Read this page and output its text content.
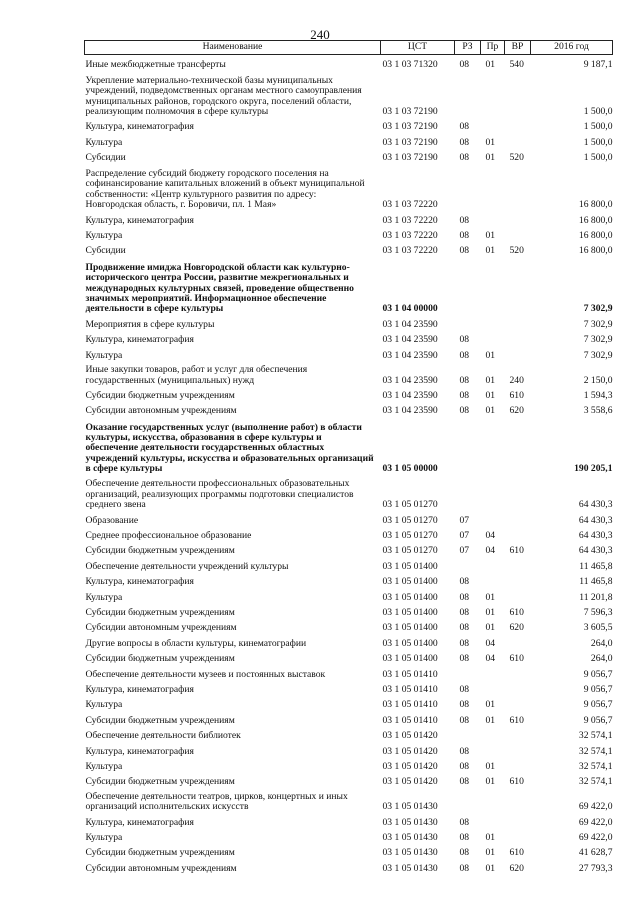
240
Наименование	ЦСТ	РЗ	Пр	ВР	2016 год
Иные межбюджетные трансферты	03 1 03 71320	08	01	540	9 187,1
Укрепление материально-технической базы муниципальных учреждений, подведомственных органам местного самоуправления муниципальных районов, городского округа, поселений области, реализующим полномочия в сфере культуры	03 1 03 72190				1 500,0
Культура, кинематография	03 1 03 72190	08			1 500,0
Культура	03 1 03 72190	08	01		1 500,0
Субсидии	03 1 03 72190	08	01	520	1 500,0
Распределение субсидий бюджету городского поселения на софинансирование капитальных вложений в объект муниципальной собственности: «Центр культурного развития по адресу: Новгородская область, г. Боровичи, пл. 1 Мая»	03 1 03 72220				16 800,0
Культура, кинематография	03 1 03 72220	08			16 800,0
Культура	03 1 03 72220	08	01		16 800,0
Субсидии	03 1 03 72220	08	01	520	16 800,0
Продвижение имиджа Новгородской области как культурно-исторического центра России, развитие межрегиональных и международных культурных связей, проведение общественно значимых мероприятий. Информационное обеспечение деятельности в сфере культуры	03 1 04 00000				7 302,9
Мероприятия в сфере культуры	03 1 04 23590				7 302,9
Культура, кинематография	03 1 04 23590	08			7 302,9
Культура	03 1 04 23590	08	01		7 302,9
Иные закупки товаров, работ и услуг для обеспечения государственных (муниципальных) нужд	03 1 04 23590	08	01	240	2 150,0
Субсидии бюджетным учреждениям	03 1 04 23590	08	01	610	1 594,3
Субсидии автономным учреждениям	03 1 04 23590	08	01	620	3 558,6
Оказание государственных услуг (выполнение работ) в области культуры, искусства, образования в сфере культуры и обеспечение деятельности государственных областных учреждений культуры, искусства и образовательных организаций в сфере культуры	03 1 05 00000				190 205,1
Обеспечение деятельности профессиональных образовательных организаций, реализующих программы подготовки специалистов среднего звена	03 1 05 01270				64 430,3
Образование	03 1 05 01270	07			64 430,3
Среднее профессиональное образование	03 1 05 01270	07	04		64 430,3
Субсидии бюджетным учреждениям	03 1 05 01270	07	04	610	64 430,3
Обеспечение деятельности учреждений культуры	03 1 05 01400				11 465,8
Культура, кинематография	03 1 05 01400	08			11 465,8
Культура	03 1 05 01400	08	01		11 201,8
Субсидии бюджетным учреждениям	03 1 05 01400	08	01	610	7 596,3
Субсидии автономным учреждениям	03 1 05 01400	08	01	620	3 605,5
Другие вопросы в области культуры, кинематографии	03 1 05 01400	08	04		264,0
Субсидии бюджетным учреждениям	03 1 05 01400	08	04	610	264,0
Обеспечение деятельности музеев и постоянных выставок	03 1 05 01410				9 056,7
Культура, кинематография	03 1 05 01410	08			9 056,7
Культура	03 1 05 01410	08	01		9 056,7
Субсидии бюджетным учреждениям	03 1 05 01410	08	01	610	9 056,7
Обеспечение деятельности библиотек	03 1 05 01420				32 574,1
Культура, кинематография	03 1 05 01420	08			32 574,1
Культура	03 1 05 01420	08	01		32 574,1
Субсидии бюджетным учреждениям	03 1 05 01420	08	01	610	32 574,1
Обеспечение деятельности театров, цирков, концертных и иных организаций исполнительских искусств	03 1 05 01430				69 422,0
Культура, кинематография	03 1 05 01430	08			69 422,0
Культура	03 1 05 01430	08	01		69 422,0
Субсидии бюджетным учреждениям	03 1 05 01430	08	01	610	41 628,7
Субсидии автономным учреждениям	03 1 05 01430	08	01	620	27 793,3
